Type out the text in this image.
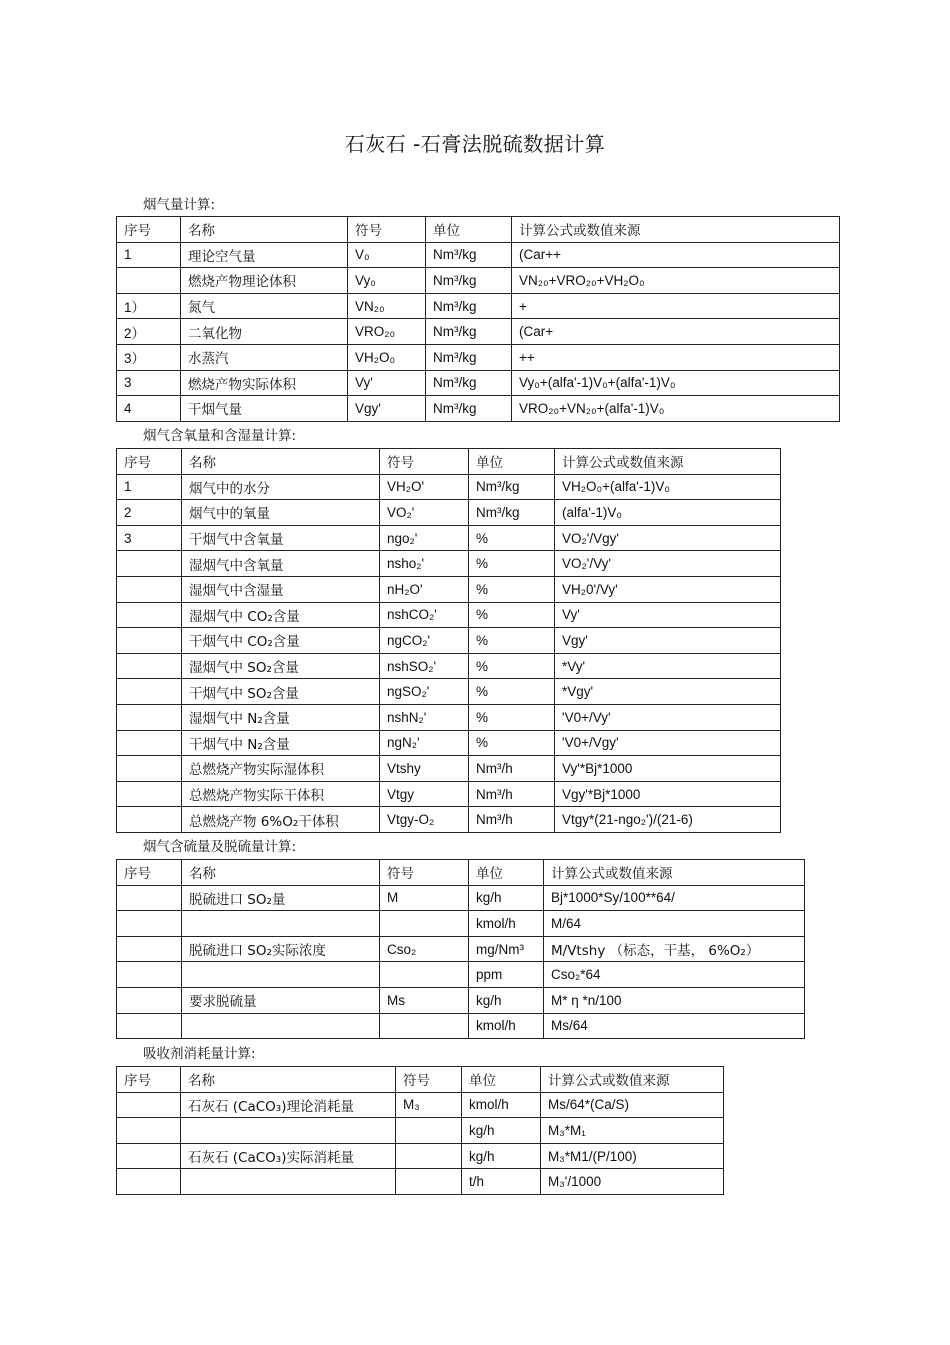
石灰石 -石膏法脱硫数据计算
烟气量计算:
序号	名称	符号	单位	计算公式或数值来源
1	理论空气量	V₀	Nm³/kg	(Car++
	燃烧产物理论体积	Vy₀	Nm³/kg	VN₂₀+VRO₂₀+VH₂O₀
1）	氮气	VN₂₀	Nm³/kg	+
2）	二氧化物	VRO₂₀	Nm³/kg	(Car+
3）	水蒸汽	VH₂O₀	Nm³/kg	++
3	燃烧产物实际体积	Vy'	Nm³/kg	Vy₀+(alfa'-1)V₀+(alfa'-1)V₀
4	干烟气量	Vgy'	Nm³/kg	VRO₂₀+VN₂₀+(alfa'-1)V₀
烟气含氧量和含湿量计算:
序号	名称	符号	单位	计算公式或数值来源
1	烟气中的水分	VH₂O'	Nm³/kg	VH₂O₀+(alfa'-1)V₀
2	烟气中的氧量	VO₂'	Nm³/kg	(alfa'-1)V₀
3	干烟气中含氧量	ngo₂'	%	VO₂'/Vgy'
	湿烟气中含氧量	nsho₂'	%	VO₂'/Vy'
	湿烟气中含湿量	nH₂O'	%	VH₂0'/Vy'
	湿烟气中 CO₂含量	nshCO₂'	%	Vy'
	干烟气中 CO₂含量	ngCO₂'	%	Vgy'
	湿烟气中 SO₂含量	nshSO₂'	%	*Vy'
	干烟气中 SO₂含量	ngSO₂'	%	*Vgy'
	湿烟气中 N₂含量	nshN₂'	%	'V0+/Vy'
	干烟气中 N₂含量	ngN₂'	%	'V0+/Vgy'
	总燃烧产物实际湿体积	Vtshy	Nm³/h	Vy'*Bj*1000
	总燃烧产物实际干体积	Vtgy	Nm³/h	Vgy'*Bj*1000
	总燃烧产物 6%O₂干体积	Vtgy-O₂	Nm³/h	Vtgy*(21-ngo₂')/(21-6)
烟气含硫量及脱硫量计算:
序号	名称	符号	单位	计算公式或数值来源
	脱硫进口 SO₂量	M	kg/h	Bj*1000*Sy/100**64/
			kmol/h	M/64
	脱硫进口 SO₂实际浓度	Cso₂	mg/Nm³	M/Vtshy （标态，干基， 6%O₂）
			ppm	Cso₂*64
	要求脱硫量	Ms	kg/h	M* η *n/100
			kmol/h	Ms/64
吸收剂消耗量计算:
序号	名称	符号	单位	计算公式或数值来源
	石灰石 (CaCO₃)理论消耗量	M₃	kmol/h	Ms/64*(Ca/S)
			kg/h	M₃*M₁
	石灰石 (CaCO₃)实际消耗量		kg/h	M₃*M1/(P/100)
			t/h	M₃'/1000
